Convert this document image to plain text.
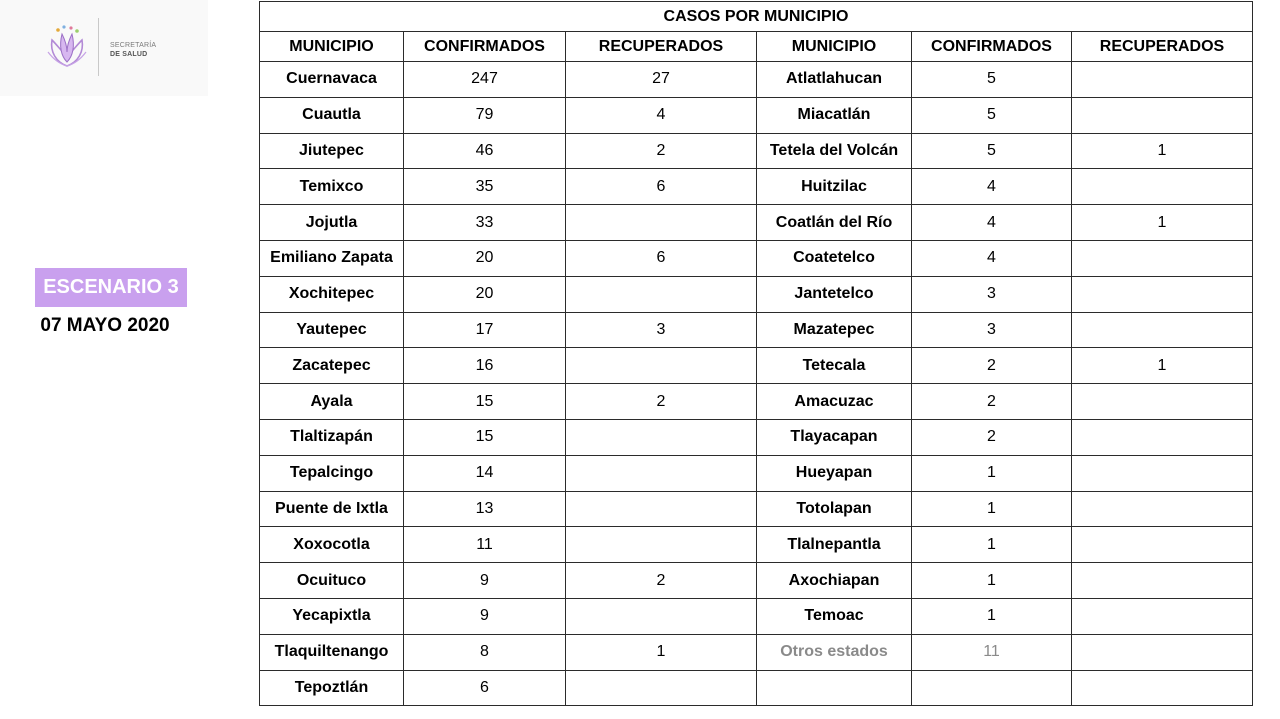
SECRETARÍA
DE SALUD
ESCENARIO 3
07 MAYO 2020
CASOS POR MUNICIPIO					
MUNICIPIO	CONFIRMADOS	RECUPERADOS	MUNICIPIO	CONFIRMADOS	RECUPERADOS
Cuernavaca	247	27	Atlatlahucan	5	
Cuautla	79	4	Miacatlán	5	
Jiutepec	46	2	Tetela del Volcán	5	1
Temixco	35	6	Huitzilac	4	
Jojutla	33		Coatlán del Río	4	1
Emiliano Zapata	20	6	Coatetelco	4	
Xochitepec	20		Jantetelco	3	
Yautepec	17	3	Mazatepec	3	
Zacatepec	16		Tetecala	2	1
Ayala	15	2	Amacuzac	2	
Tlaltizapán	15		Tlayacapan	2	
Tepalcingo	14		Hueyapan	1	
Puente de Ixtla	13		Totolapan	1	
Xoxocotla	11		Tlalnepantla	1	
Ocuituco	9	2	Axochiapan	1	
Yecapixtla	9		Temoac	1	
Tlaquiltenango	8	1	Otros estados	11	
Tepoztlán	6				
